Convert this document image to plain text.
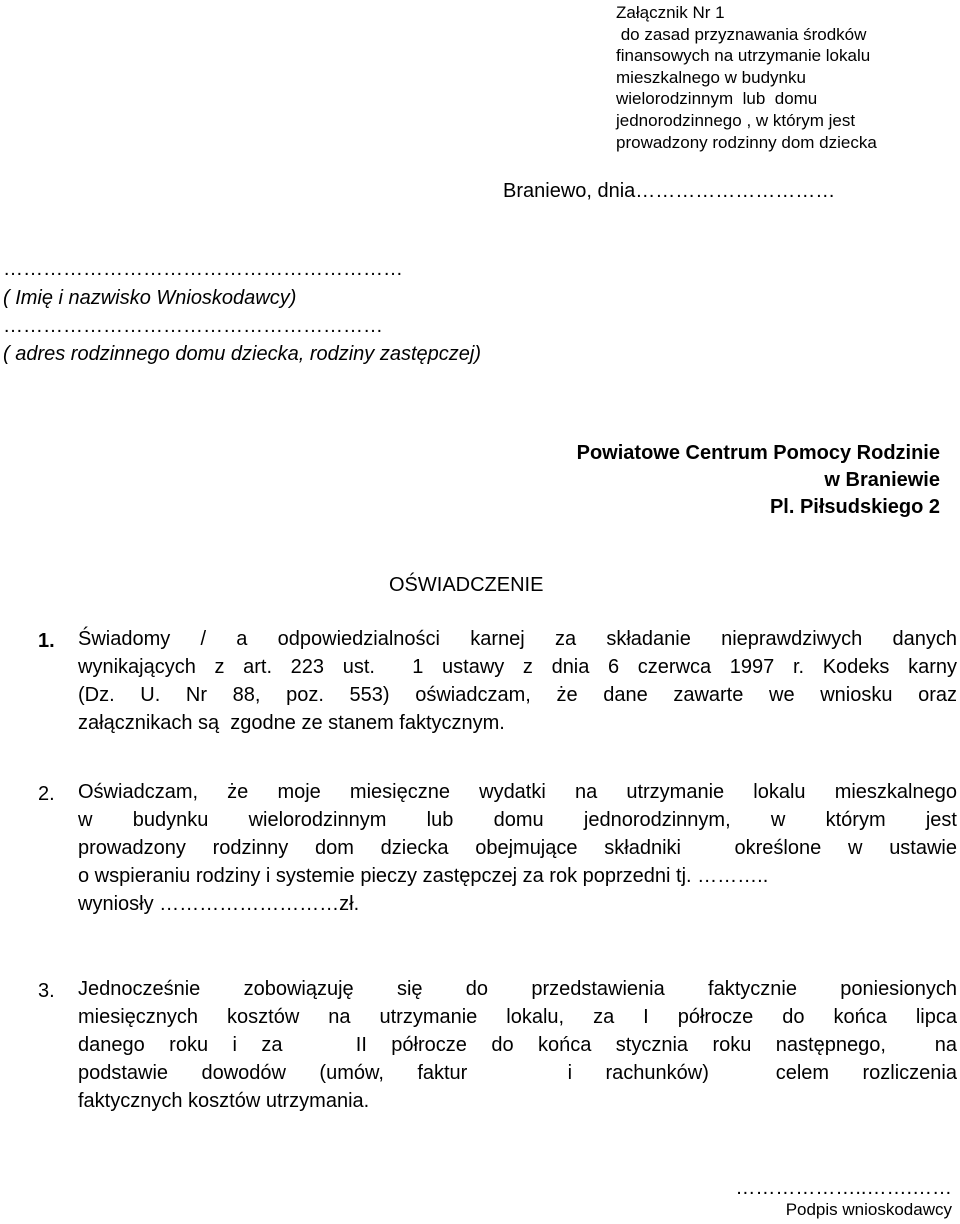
Załącznik Nr 1
do zasad przyznawania środków
finansowych na utrzymanie lokalu
mieszkalnego w budynku
wielorodzinnym  lub  domu
jednorodzinnego , w którym jest
prowadzony rodzinny dom dziecka
Braniewo, dnia…………………………
……………………………………………………
( Imię i nazwisko Wnioskodawcy)
…………………………………………………
( adres rodzinnego domu dziecka, rodziny zastępczej)
Powiatowe Centrum Pomocy Rodzinie
w Braniewie
Pl. Piłsudskiego 2
OŚWIADCZENIE
1. Świadomy / a odpowiedzialności karnej za składanie nieprawdziwych danych
wynikających z art. 223 ust.  1 ustawy z dnia 6 czerwca 1997 r. Kodeks karny
(Dz. U. Nr 88, poz. 553) oświadczam, że dane zawarte we wniosku oraz
załącznikach są  zgodne ze stanem faktycznym.
2. Oświadczam, że moje miesięczne wydatki na utrzymanie lokalu mieszkalnego
w budynku wielorodzinnym lub domu jednorodzinnym, w którym jest
prowadzony rodzinny dom dziecka obejmujące składniki  określone w ustawie
o wspieraniu rodziny i systemie pieczy zastępczej za rok poprzedni tj. ………..
wyniosły ………………………zł.
3. Jednocześnie zobowiązuję się do przedstawienia faktycznie poniesionych
miesięcznych kosztów na utrzymanie lokalu, za I półrocze do końca lipca
danego roku i za   II półrocze do końca stycznia roku następnego,  na
podstawie dowodów (umów, faktur   i rachunków)  celem rozliczenia
faktycznych kosztów utrzymania.
………………..…….……
Podpis wnioskodawcy
